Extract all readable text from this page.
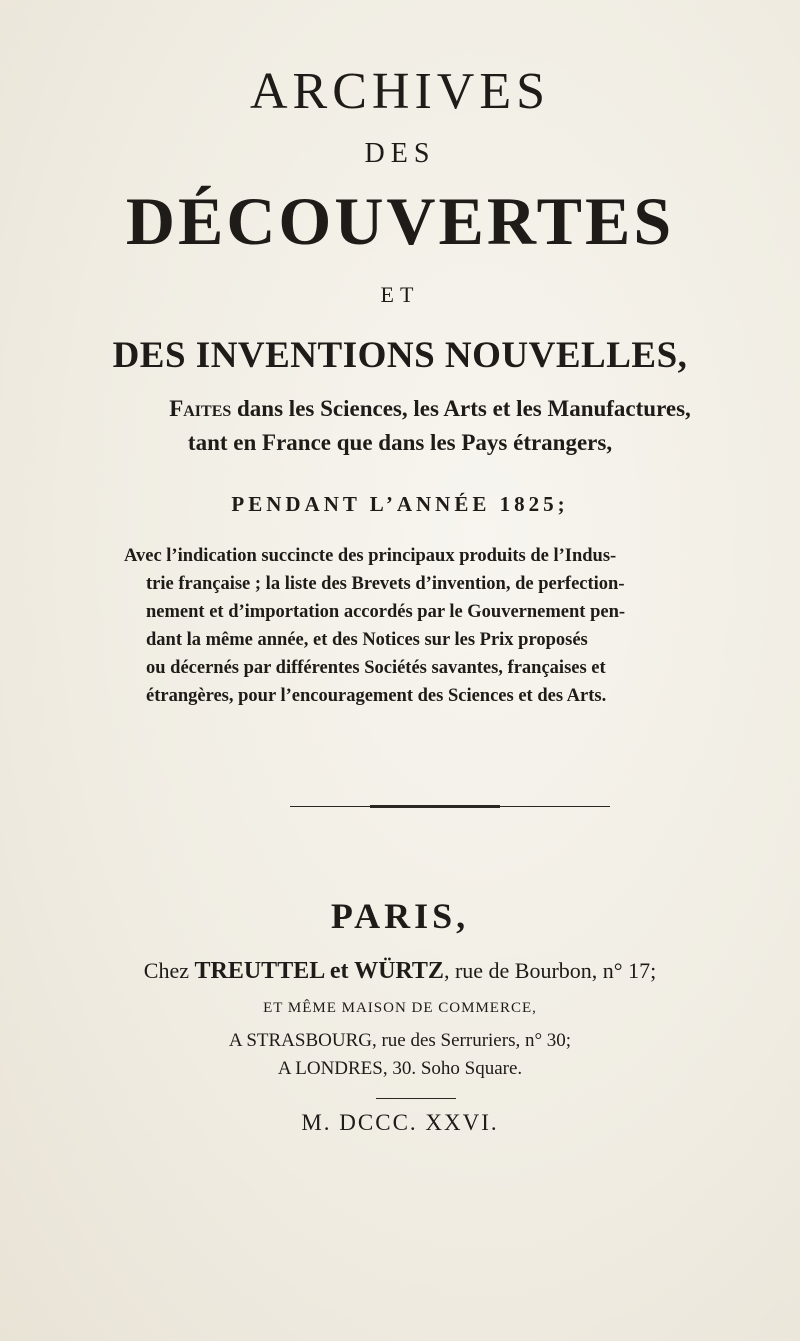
ARCHIVES
DES
DÉCOUVERTES
ET
DES INVENTIONS NOUVELLES,
Faites dans les Sciences, les Arts et les Manufactures,
tant en France que dans les Pays étrangers,
PENDANT L’ANNÉE 1825;
Avec l’indication succincte des principaux produits de l’Indus-
trie française ; la liste des Brevets d’invention, de perfection-
nement et d’importation accordés par le Gouvernement pen-
dant la même année, et des Notices sur les Prix proposés
ou décernés par différentes Sociétés savantes, françaises et
étrangères, pour l’encouragement des Sciences et des Arts.
PARIS,
Chez TREUTTEL et WÜRTZ, rue de Bourbon, n° 17;
ET MÊME MAISON DE COMMERCE,
A STRASBOURG, rue des Serruriers, n° 30;
A LONDRES, 30. Soho Square.
M. DCCC. XXVI.
